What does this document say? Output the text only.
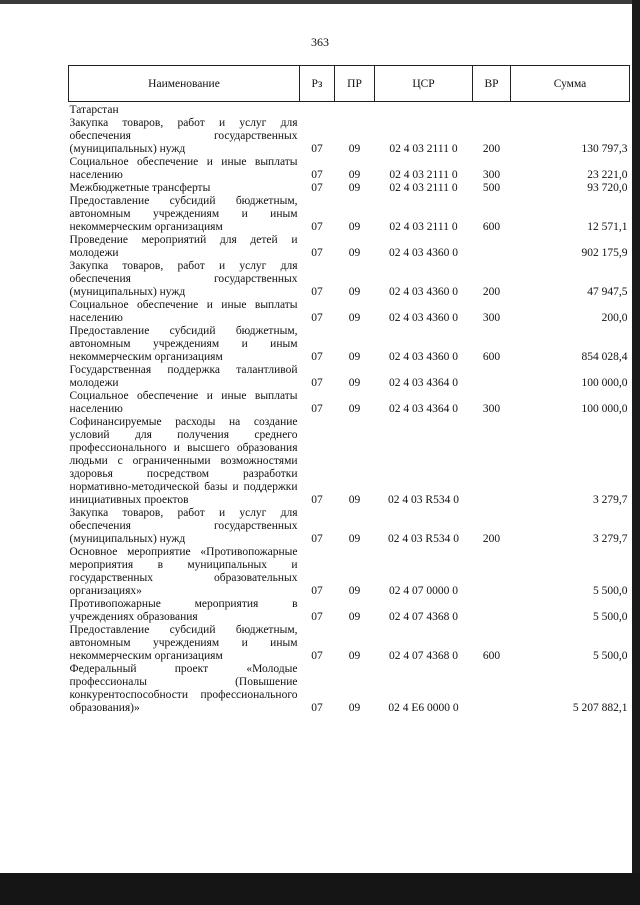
363
Наименование	Рз	ПР	ЦСР	ВР	Сумма
Татарстан					
Закупка товаров, работ и услуг для обеспечения государственных (муниципальных) нужд	07	09	02 4 03 2111 0	200	130 797,3
Социальное обеспечение и иные выплаты населению	07	09	02 4 03 2111 0	300	23 221,0
Межбюджетные трансферты	07	09	02 4 03 2111 0	500	93 720,0
Предоставление субсидий бюджетным, автономным учреждениям и иным некоммерческим организациям	07	09	02 4 03 2111 0	600	12 571,1
Проведение мероприятий для детей и молодежи	07	09	02 4 03 4360 0		902 175,9
Закупка товаров, работ и услуг для обеспечения государственных (муниципальных) нужд	07	09	02 4 03 4360 0	200	47 947,5
Социальное обеспечение и иные выплаты населению	07	09	02 4 03 4360 0	300	200,0
Предоставление субсидий бюджетным, автономным учреждениям и иным некоммерческим организациям	07	09	02 4 03 4360 0	600	854 028,4
Государственная поддержка талантливой молодежи	07	09	02 4 03 4364 0		100 000,0
Социальное обеспечение и иные выплаты населению	07	09	02 4 03 4364 0	300	100 000,0
Софинансируемые расходы на создание условий для получения среднего профессионального и высшего образования людьми с ограниченными возможностями здоровья посредством разработки нормативно-методической базы и поддержки инициативных проектов	07	09	02 4 03 R534 0		3 279,7
Закупка товаров, работ и услуг для обеспечения государственных (муниципальных) нужд	07	09	02 4 03 R534 0	200	3 279,7
Основное мероприятие «Противопожарные мероприятия в муниципальных и государственных образовательных организациях»	07	09	02 4 07 0000 0		5 500,0
Противопожарные мероприятия в учреждениях образования	07	09	02 4 07 4368 0		5 500,0
Предоставление субсидий бюджетным, автономным учреждениям и иным некоммерческим организациям	07	09	02 4 07 4368 0	600	5 500,0
Федеральный проект «Молодые профессионалы (Повышение конкурентоспособности профессионального образования)»	07	09	02 4 E6 0000 0		5 207 882,1
